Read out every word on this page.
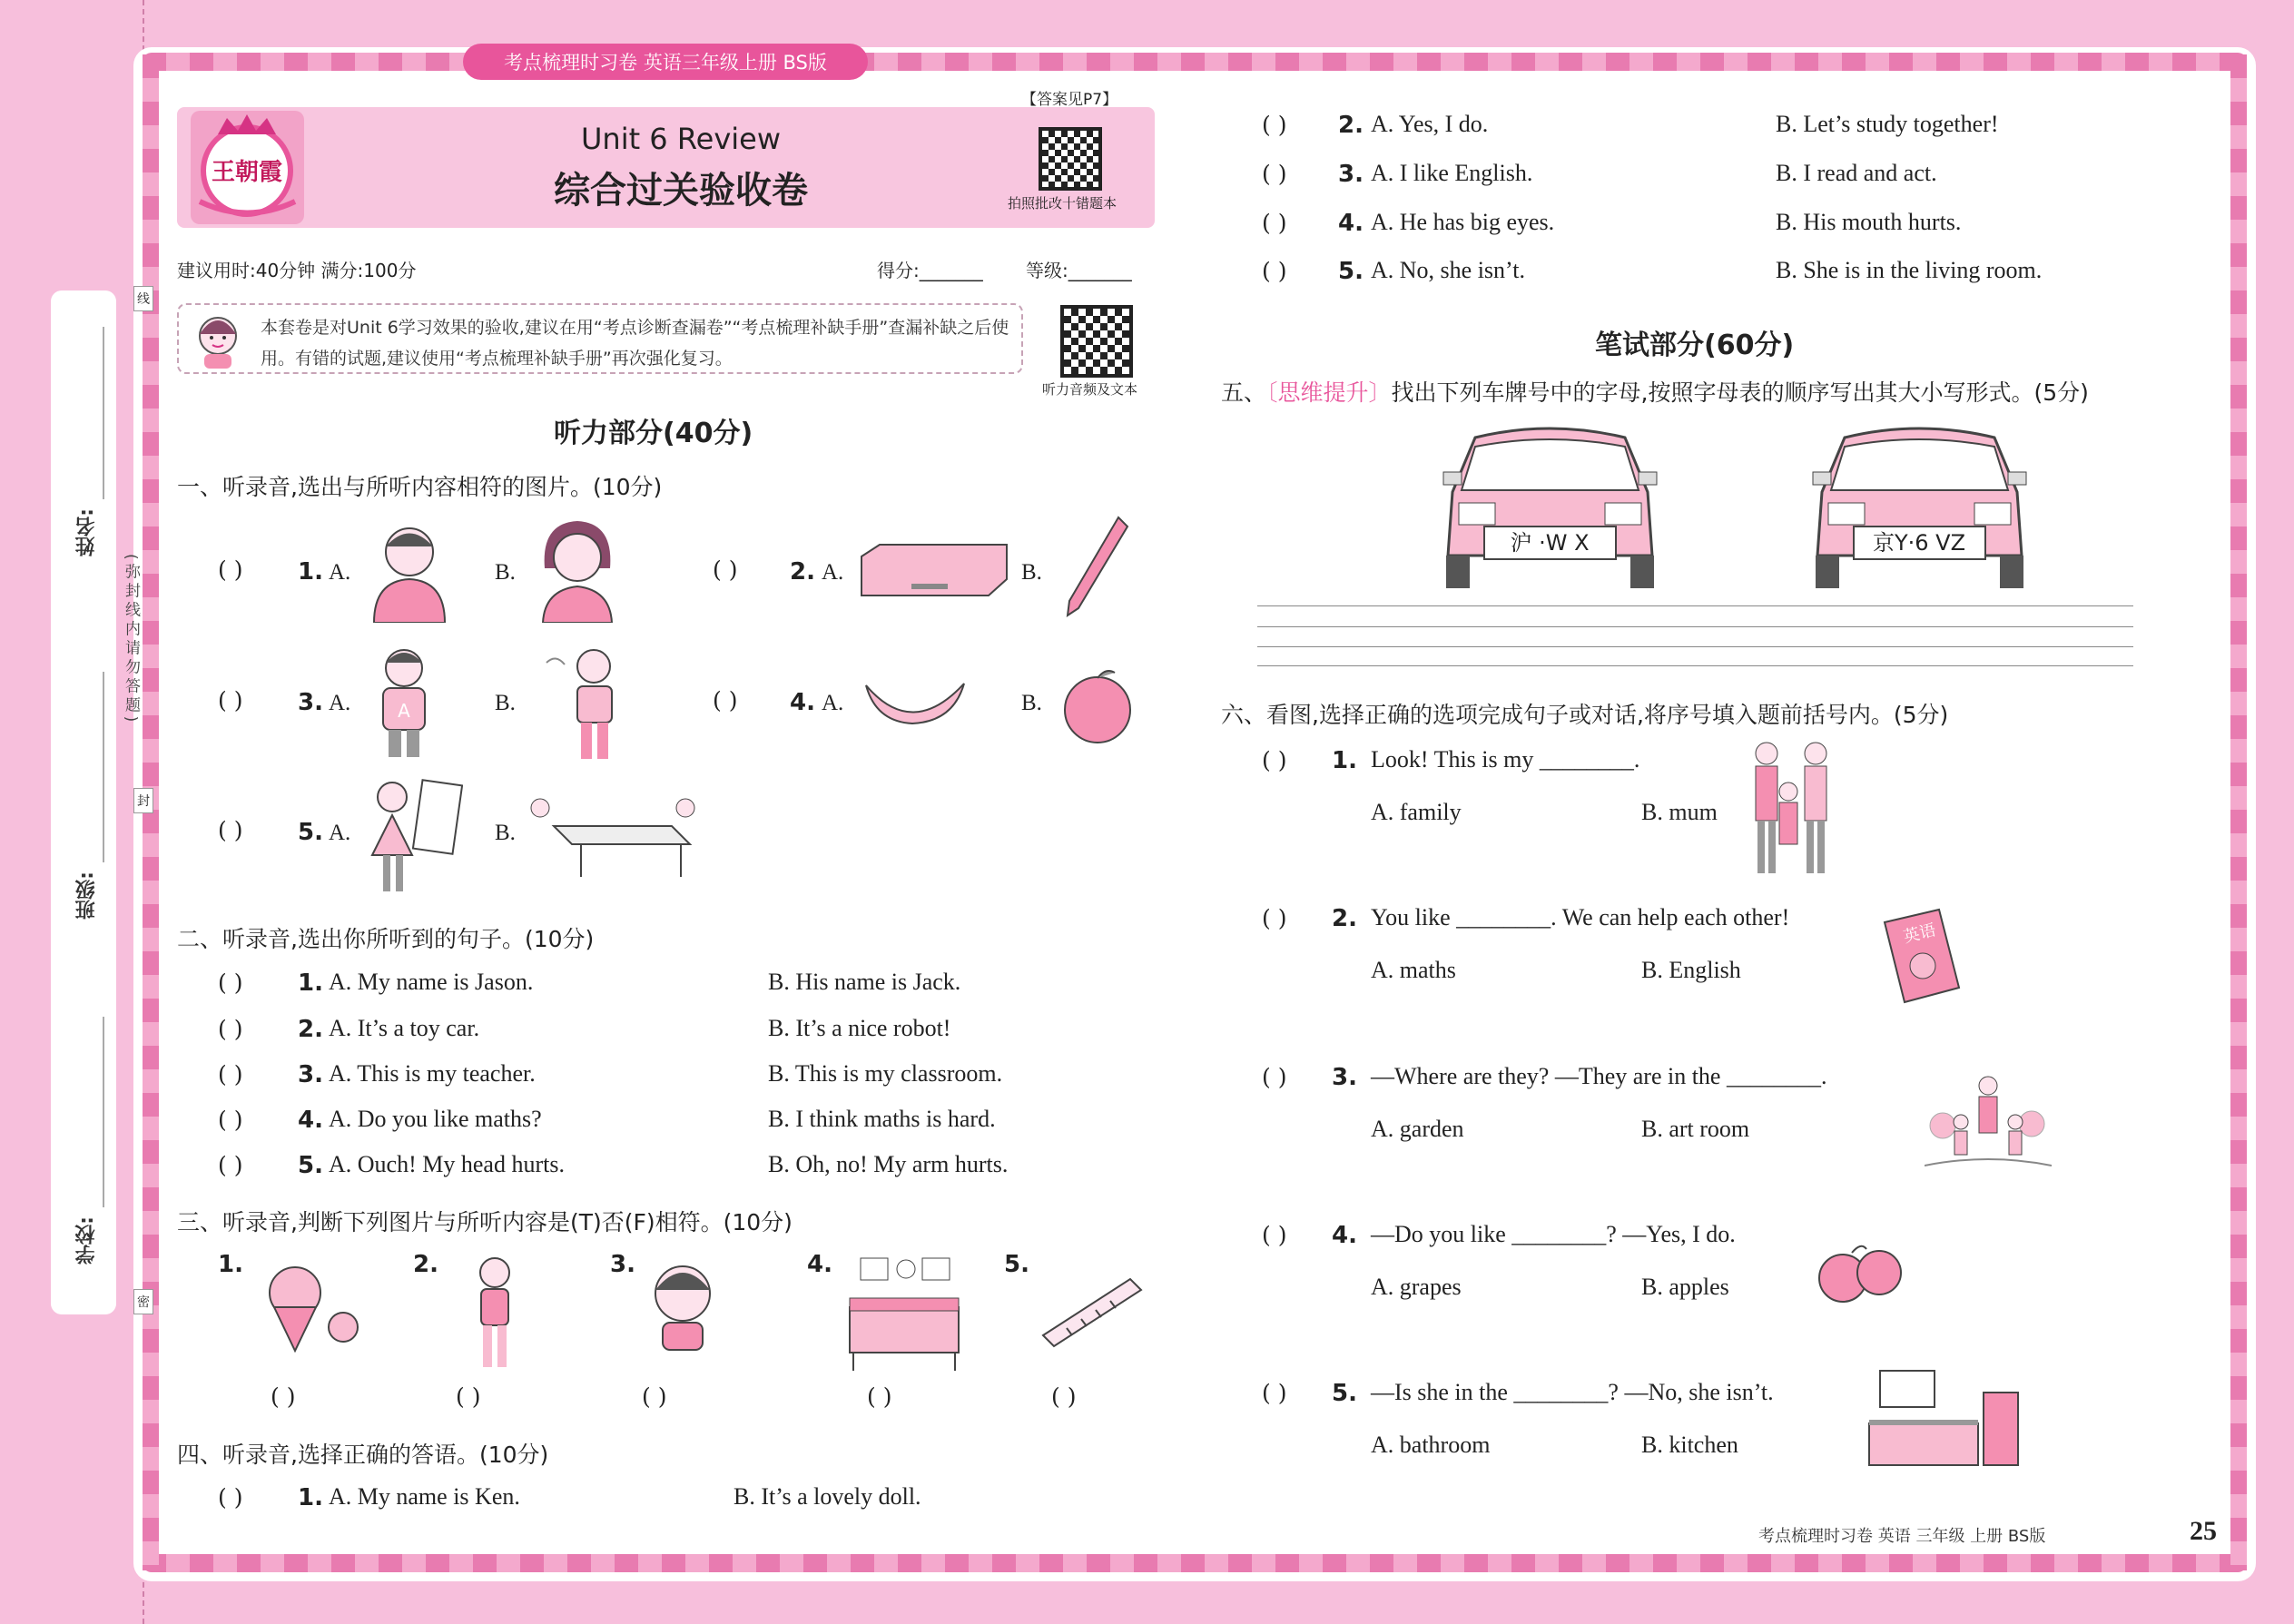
考点梳理时习卷 英语三年级上册 BS版
姓名:
班级:
学校:
(弥封线内请勿答题)
线
封
密
王朝霞
【答案见P7】
Unit 6 Review
综合过关验收卷	拍照批改十错题本
建议用时:40分钟 满分:100分	得分:_______ 等级:_______
本套卷是对Unit 6学习效果的验收,建议在用“考点诊断查漏卷”“考点梳理补缺手册”查漏补缺之后使用。有错的试题,建议使用“考点梳理补缺手册”再次强化复习。
听力音频及文本
听力部分(40分)
一、听录音,选出与所听内容相符的图片。(10分)
( ) 1. A.	B.	( ) 2. A.	B.
( ) 3. A.	A	B.	( ) 4. A.	B.
( ) 5. A.	B.
二、听录音,选出你所听到的句子。(10分)
( ) 1. A. My name is Jason.	B. His name is Jack.
( ) 2. A. It’s a toy car.	B. It’s a nice robot!
( ) 3. A. This is my teacher.	B. This is my classroom.
( ) 4. A. Do you like maths?	B. I think maths is hard.
( ) 5. A. Ouch! My head hurts.	B. Oh, no! My arm hurts.
三、听录音,判断下列图片与所听内容是(T)否(F)相符。(10分)
1.
( )
2.
( )
3.
( )
4.
( )
5.
( )
四、听录音,选择正确的答语。(10分)
( ) 1. A. My name is Ken.	B. It’s a lovely doll.
( ) 2. A. Yes, I do.	B. Let’s study together!
( ) 3. A. I like English.	B. I read and act.
( ) 4. A. He has big eyes.	B. His mouth hurts.
( ) 5. A. No, she isn’t.	B. She is in the living room.
笔试部分(60分)
五、〔思维提升〕找出下列车牌号中的字母,按照字母表的顺序写出其大小写形式。(5分)
沪 ·W X	京Y·6 VZ
六、看图,选择正确的选项完成句子或对话,将序号填入题前括号内。(5分)
( ) 1. Look! This is my ________.
A. family	B. mum
( ) 2. You like ________. We can help each other!
A. maths	B. English
英语
( ) 3. —Where are they? —They are in the ________.
A. garden	B. art room
( ) 4. —Do you like ________? —Yes, I do.
A. grapes	B. apples
( ) 5. —Is she in the ________? —No, she isn’t.
A. bathroom	B. kitchen
考点梳理时习卷 英语 三年级 上册 BS版	25
